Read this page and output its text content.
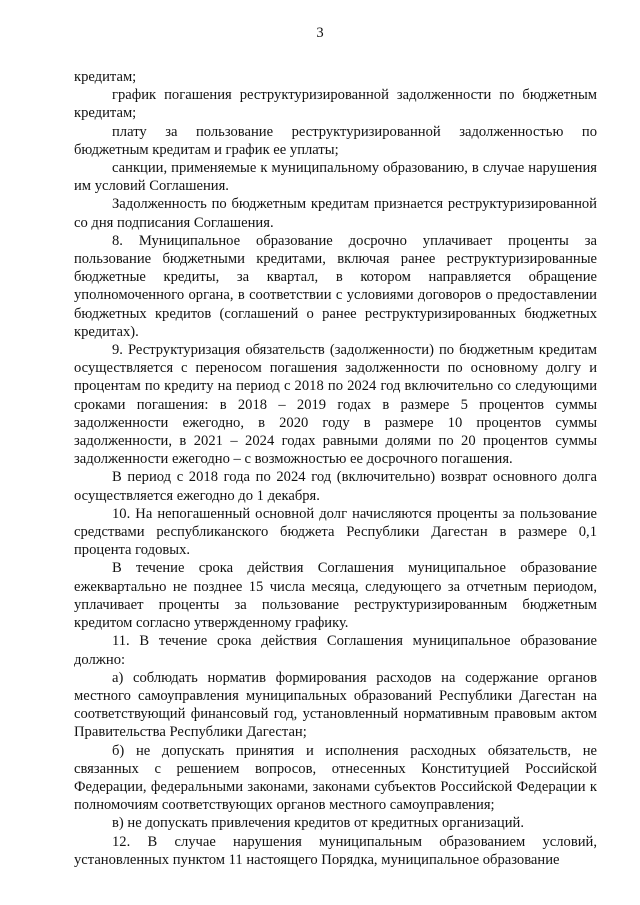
3

кредитам;

график погашения реструктуризированной задолженности по бюджетным кредитам;

плату за пользование реструктуризированной задолженностью по бюджетным кредитам и график ее уплаты;

санкции, применяемые к муниципальному образованию, в случае нарушения им условий Соглашения.

Задолженность по бюджетным кредитам признается реструктуризированной со дня подписания Соглашения.

8. Муниципальное образование досрочно уплачивает проценты за пользование бюджетными кредитами, включая ранее реструктуризированные бюджетные кредиты, за квартал, в котором направляется обращение уполномоченного органа, в соответствии с условиями договоров о предоставлении бюджетных кредитов (соглашений о ранее реструктуризированных бюджетных кредитах).

9. Реструктуризация обязательств (задолженности) по бюджетным кредитам осуществляется с переносом погашения задолженности по основному долгу и процентам по кредиту на период с 2018 по 2024 год включительно со следующими сроками погашения: в 2018 – 2019 годах в размере 5 процентов суммы задолженности ежегодно, в 2020 году в размере 10 процентов суммы задолженности, в 2021 – 2024 годах равными долями по 20 процентов суммы задолженности ежегодно – с возможностью ее досрочного погашения.

В период с 2018 года по 2024 год (включительно) возврат основного долга осуществляется ежегодно до 1 декабря.

10. На непогашенный основной долг начисляются проценты за пользование средствами республиканского бюджета Республики Дагестан в размере 0,1 процента годовых.

В течение срока действия Соглашения муниципальное образование ежеквартально не позднее 15 числа месяца, следующего за отчетным периодом, уплачивает проценты за пользование реструктуризированным бюджетным кредитом согласно утвержденному графику.

11. В течение срока действия Соглашения муниципальное образование должно:

а) соблюдать норматив формирования расходов на содержание органов местного самоуправления муниципальных образований Республики Дагестан на соответствующий финансовый год, установленный нормативным правовым актом Правительства Республики Дагестан;

б) не допускать принятия и исполнения расходных обязательств, не связанных с решением вопросов, отнесенных Конституцией Российской Федерации, федеральными законами, законами субъектов Российской Федерации к полномочиям соответствующих органов местного самоуправления;

в) не допускать привлечения кредитов от кредитных организаций.

12. В случае нарушения муниципальным образованием условий, установленных пунктом 11 настоящего Порядка, муниципальное образование
